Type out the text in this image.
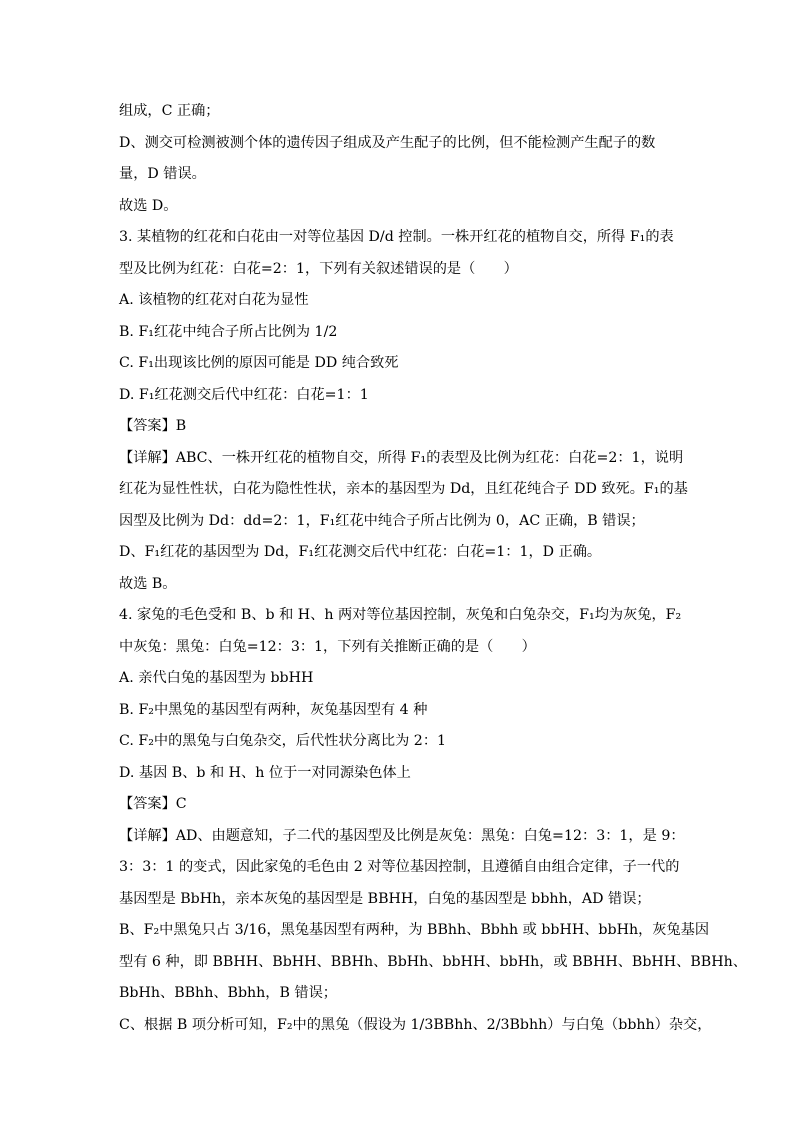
组成，C 正确；
D、测交可检测被测个体的遗传因子组成及产生配子的比例，但不能检测产生配子的数
量，D 错误。
故选 D。
3. 某植物的红花和白花由一对等位基因 D/d 控制。一株开红花的植物自交，所得 F₁的表
型及比例为红花：白花=2：1，下列有关叙述错误的是（　　）
A. 该植物的红花对白花为显性
B. F₁红花中纯合子所占比例为 1/2
C. F₁出现该比例的原因可能是 DD 纯合致死
D. F₁红花测交后代中红花：白花=1：1
【答案】B
【详解】ABC、一株开红花的植物自交，所得 F₁的表型及比例为红花：白花=2：1，说明
红花为显性性状，白花为隐性性状，亲本的基因型为 Dd，且红花纯合子 DD 致死。F₁的基
因型及比例为 Dd：dd=2：1，F₁红花中纯合子所占比例为 0，AC 正确，B 错误；
D、F₁红花的基因型为 Dd，F₁红花测交后代中红花：白花=1：1，D 正确。
故选 B。
4. 家兔的毛色受和 B、b 和 H、h 两对等位基因控制，灰兔和白兔杂交，F₁均为灰兔，F₂
中灰兔：黑兔：白兔=12：3：1，下列有关推断正确的是（　　）
A. 亲代白兔的基因型为 bbHH
B. F₂中黑兔的基因型有两种，灰兔基因型有 4 种
C. F₂中的黑兔与白兔杂交，后代性状分离比为 2：1
D. 基因 B、b 和 H、h 位于一对同源染色体上
【答案】C
【详解】AD、由题意知，子二代的基因型及比例是灰兔：黑兔：白兔=12：3：1，是 9：
3：3：1 的变式，因此家兔的毛色由 2 对等位基因控制，且遵循自由组合定律，子一代的
基因型是 BbHh，亲本灰兔的基因型是 BBHH，白兔的基因型是 bbhh，AD 错误；
B、F₂中黑兔只占 3/16，黑兔基因型有两种，为 BBhh、Bbhh 或 bbHH、bbHh，灰兔基因
型有 6 种，即 BBHH、BbHH、BBHh、BbHh、bbHH、bbHh，或 BBHH、BbHH、BBHh、
BbHh、BBhh、Bbhh，B 错误；
C、根据 B 项分析可知，F₂中的黑兔（假设为 1/3BBhh、2/3Bbhh）与白兔（bbhh）杂交，
